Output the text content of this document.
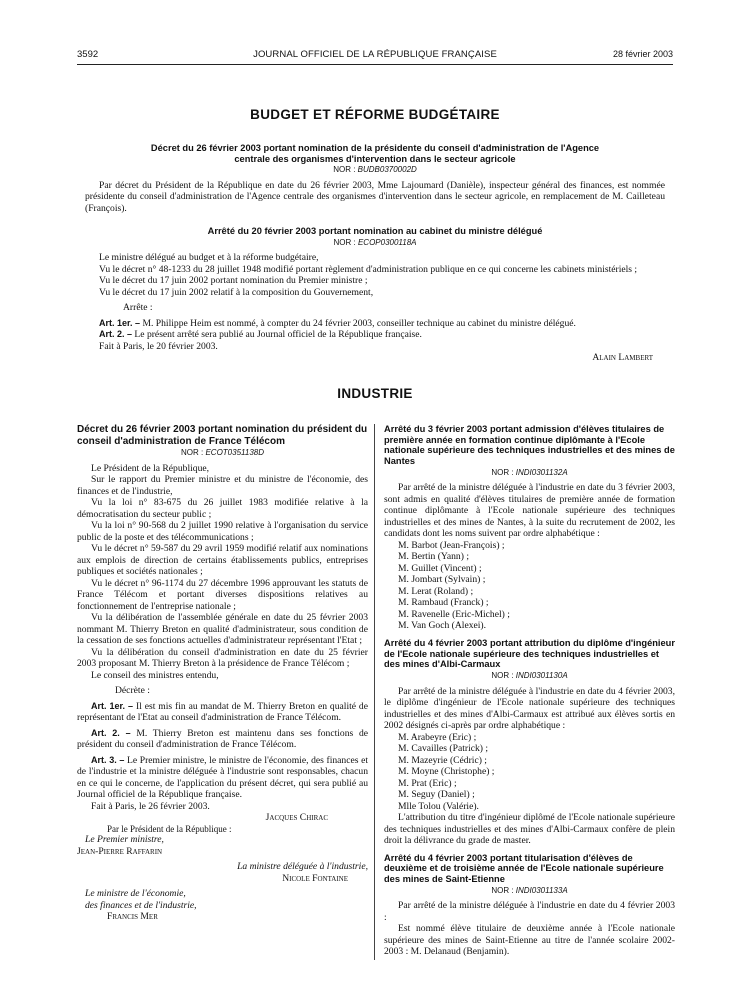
3592	JOURNAL OFFICIEL DE LA RÉPUBLIQUE FRANÇAISE	28 février 2003
BUDGET ET RÉFORME BUDGÉTAIRE
Décret du 26 février 2003 portant nomination de la présidente du conseil d'administration de l'Agence centrale des organismes d'intervention dans le secteur agricole
NOR : BUDB0370002D

Par décret du Président de la République en date du 26 février 2003, Mme Lajoumard (Danièle), inspecteur général des finances, est nommée présidente du conseil d'administration de l'Agence centrale des organismes d'intervention dans le secteur agricole, en remplacement de M. Cailleteau (François).

Arrêté du 20 février 2003 portant nomination au cabinet du ministre délégué
NOR : ECOP0300118A

Le ministre délégué au budget et à la réforme budgétaire,

Vu le décret n° 48-1233 du 28 juillet 1948 modifié portant règlement d'administration publique en ce qui concerne les cabinets ministériels ;

Vu le décret du 17 juin 2002 portant nomination du Premier ministre ;

Vu le décret du 17 juin 2002 relatif à la composition du Gouvernement,

Arrête :

Art. 1er. – M. Philippe Heim est nommé, à compter du 24 février 2003, conseiller technique au cabinet du ministre délégué.

Art. 2. – Le présent arrêté sera publié au Journal officiel de la République française.

Fait à Paris, le 20 février 2003.

Alain Lambert

INDUSTRIE
Décret du 26 février 2003 portant nomination du président du conseil d'administration de France Télécom
NOR : ECOT0351138D

Le Président de la République,

Sur le rapport du Premier ministre et du ministre de l'économie, des finances et de l'industrie,

Vu la loi n° 83-675 du 26 juillet 1983 modifiée relative à la démocratisation du secteur public ;

Vu la loi n° 90-568 du 2 juillet 1990 relative à l'organisation du service public de la poste et des télécommunications ;

Vu le décret n° 59-587 du 29 avril 1959 modifié relatif aux nominations aux emplois de direction de certains établissements publics, entreprises publiques et sociétés nationales ;

Vu le décret n° 96-1174 du 27 décembre 1996 approuvant les statuts de France Télécom et portant diverses dispositions relatives au fonctionnement de l'entreprise nationale ;

Vu la délibération de l'assemblée générale en date du 25 février 2003 nommant M. Thierry Breton en qualité d'administrateur, sous condition de la cessation de ses fonctions actuelles d'administrateur représentant l'Etat ;

Vu la délibération du conseil d'administration en date du 25 février 2003 proposant M. Thierry Breton à la présidence de France Télécom ;

Le conseil des ministres entendu,

Décrète :

Art. 1er. – Il est mis fin au mandat de M. Thierry Breton en qualité de représentant de l'Etat au conseil d'administration de France Télécom.

Art. 2. – M. Thierry Breton est maintenu dans ses fonctions de président du conseil d'administration de France Télécom.

Art. 3. – Le Premier ministre, le ministre de l'économie, des finances et de l'industrie et la ministre déléguée à l'industrie sont responsables, chacun en ce qui le concerne, de l'application du présent décret, qui sera publié au Journal officiel de la République française.

Fait à Paris, le 26 février 2003.

Jacques Chirac

Par le Président de la République :

Le Premier ministre,

Jean-Pierre Raffarin

La ministre déléguée à l'industrie,

Nicole Fontaine

Le ministre de l'économie,

des finances et de l'industrie,

Francis Mer

Arrêté du 3 février 2003 portant admission d'élèves titulaires de première année en formation continue diplômante à l'Ecole nationale supérieure des techniques industrielles et des mines de Nantes
NOR : INDI0301132A

Par arrêté de la ministre déléguée à l'industrie en date du 3 février 2003, sont admis en qualité d'élèves titulaires de première année de formation continue diplômante à l'Ecole nationale supérieure des techniques industrielles et des mines de Nantes, à la suite du recrutement de 2002, les candidats dont les noms suivent par ordre alphabétique :

M. Barbot (Jean-François) ;
M. Bertin (Yann) ;
M. Guillet (Vincent) ;
M. Jombart (Sylvain) ;
M. Lerat (Roland) ;
M. Rambaud (Franck) ;
M. Ravenelle (Eric-Michel) ;
M. Van Goch (Alexei).
Arrêté du 4 février 2003 portant attribution du diplôme d'ingénieur de l'Ecole nationale supérieure des techniques industrielles et des mines d'Albi-Carmaux
NOR : INDI0301130A

Par arrêté de la ministre déléguée à l'industrie en date du 4 février 2003, le diplôme d'ingénieur de l'Ecole nationale supérieure des techniques industrielles et des mines d'Albi-Carmaux est attribué aux élèves sortis en 2002 désignés ci-après par ordre alphabétique :

M. Arabeyre (Eric) ;
M. Cavailles (Patrick) ;
M. Mazeyrie (Cédric) ;
M. Moyne (Christophe) ;
M. Prat (Eric) ;
M. Seguy (Daniel) ;
Mlle Tolou (Valérie).

L'attribution du titre d'ingénieur diplômé de l'Ecole nationale supérieure des techniques industrielles et des mines d'Albi-Carmaux confère de plein droit la délivrance du grade de master.

Arrêté du 4 février 2003 portant titularisation d'élèves de deuxième et de troisième année de l'Ecole nationale supérieure des mines de Saint-Etienne
NOR : INDI0301133A

Par arrêté de la ministre déléguée à l'industrie en date du 4 février 2003 :

Est nommé élève titulaire de deuxième année à l'Ecole nationale supérieure des mines de Saint-Etienne au titre de l'année scolaire 2002-2003 : M. Delanaud (Benjamin).
